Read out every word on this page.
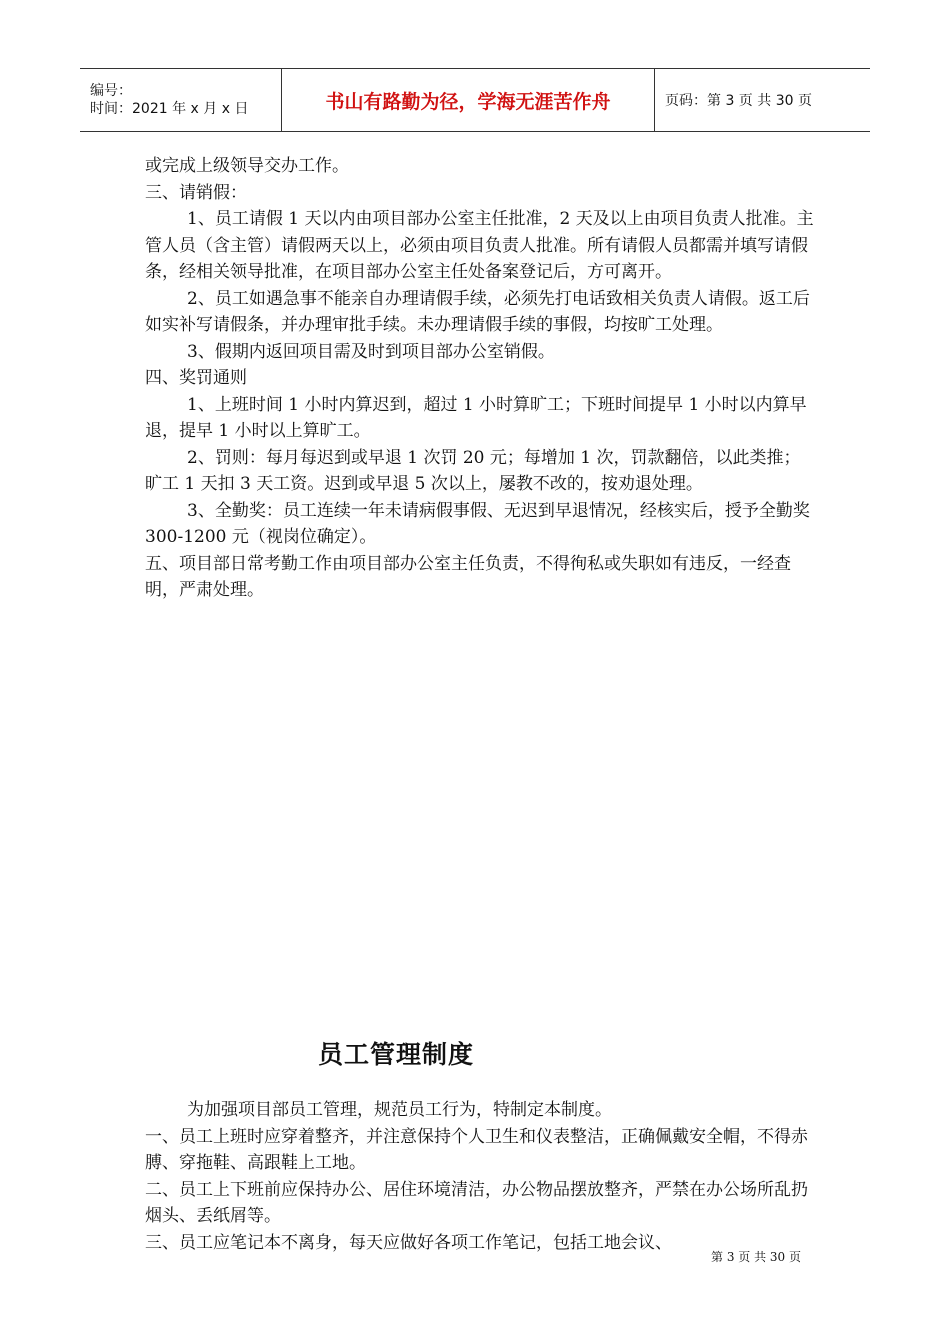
编号：
时间：2021 年 x 月 x 日	书山有路勤为径，学海无涯苦作舟	页码：第 3 页 共 30 页

或完成上级领导交办工作。

三、请销假：

1、员工请假 1 天以内由项目部办公室主任批准，2 天及以上由项目负责人批准。主管人员（含主管）请假两天以上，必须由项目负责人批准。所有请假人员都需并填写请假条，经相关领导批准，在项目部办公室主任处备案登记后，方可离开。

2、员工如遇急事不能亲自办理请假手续，必须先打电话致相关负责人请假。返工后如实补写请假条，并办理审批手续。未办理请假手续的事假，均按旷工处理。

3、假期内返回项目需及时到项目部办公室销假。

四、奖罚通则

1、上班时间 1 小时内算迟到，超过 1 小时算旷工；下班时间提早 1 小时以内算早退，提早 1 小时以上算旷工。

2、罚则：每月每迟到或早退 1 次罚 20 元；每增加 1 次，罚款翻倍，以此类推；旷工 1 天扣 3 天工资。迟到或早退 5 次以上，屡教不改的，按劝退处理。

3、全勤奖：员工连续一年未请病假事假、无迟到早退情况，经核实后，授予全勤奖 300-1200 元（视岗位确定）。

五、项目部日常考勤工作由项目部办公室主任负责，不得徇私或失职如有违反，一经查明，严肃处理。

员工管理制度

为加强项目部员工管理，规范员工行为，特制定本制度。

一、员工上班时应穿着整齐，并注意保持个人卫生和仪表整洁，正确佩戴安全帽，不得赤膊、穿拖鞋、高跟鞋上工地。

二、员工上下班前应保持办公、居住环境清洁，办公物品摆放整齐，严禁在办公场所乱扔烟头、丢纸屑等。

三、员工应笔记本不离身，每天应做好各项工作笔记，包括工地会议、

第 3 页 共 30 页
